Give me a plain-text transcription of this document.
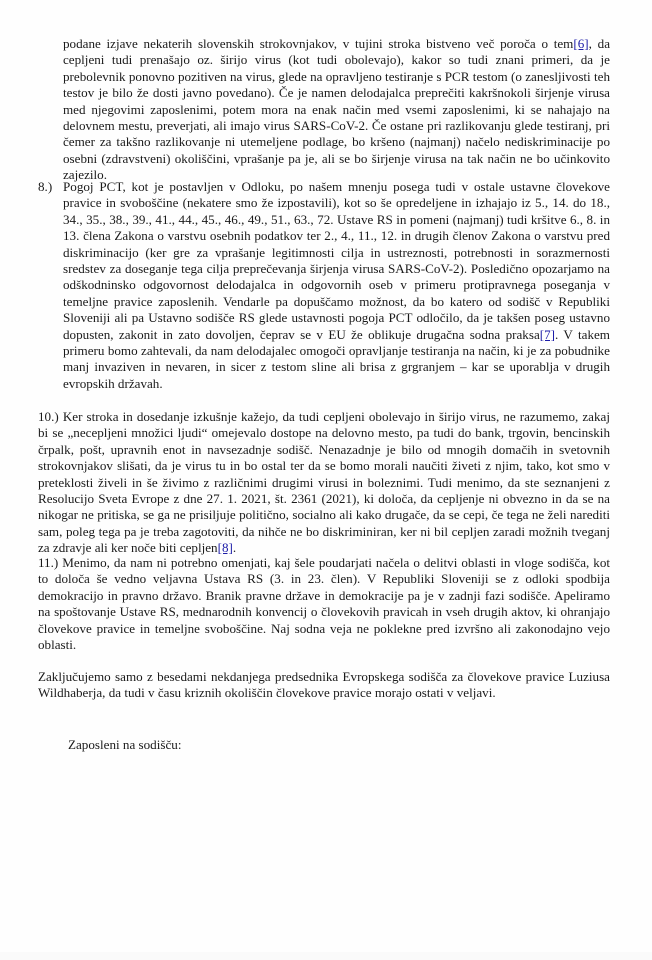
podane izjave nekaterih slovenskih strokovnjakov, v tujini stroka bistveno več poroča o tem[6], da cepljeni tudi prenašajo oz. širijo virus (kot tudi obolevajo), kakor so tudi znani primeri, da je prebolevnik ponovno pozitiven na virus, glede na opravljeno testiranje s PCR testom (o zanesljivosti teh testov je bilo že dosti javno povedano). Če je namen delodajalca preprečiti kakršnokoli širjenje virusa med njegovimi zaposlenimi, potem mora na enak način med vsemi zaposlenimi, ki se nahajajo na delovnem mestu, preverjati, ali imajo virus SARS-CoV-2. Če ostane pri razlikovanju glede testiranj, pri čemer za takšno razlikovanje ni utemeljene podlage, bo kršeno (najmanj) načelo nediskriminacije po osebni (zdravstveni) okoliščini, vprašanje pa je, ali se bo širjenje virusa na tak način ne bo učinkovito zajezilo.

8.) Pogoj PCT, kot je postavljen v Odloku, po našem mnenju posega tudi v ostale ustavne človekove pravice in svoboščine (nekatere smo že izpostavili), kot so še opredeljene in izhajajo iz 5., 14. do 18., 34., 35., 38., 39., 41., 44., 45., 46., 49., 51., 63., 72. Ustave RS in pomeni (najmanj) tudi kršitve 6., 8. in 13. člena Zakona o varstvu osebnih podatkov ter 2., 4., 11., 12. in drugih členov Zakona o varstvu pred diskriminacijo (ker gre za vprašanje legitimnosti cilja in ustreznosti, potrebnosti in sorazmernosti sredstev za doseganje tega cilja preprečevanja širjenja virusa SARS-CoV-2). Posledično opozarjamo na odškodninsko odgovornost delodajalca in odgovornih oseb v primeru protipravnega poseganja v temeljne pravice zaposlenih. Vendarle pa dopuščamo možnost, da bo katero od sodišč v Republiki Sloveniji ali pa Ustavno sodišče RS glede ustavnosti pogoja PCT odločilo, da je takšen poseg ustavno dopusten, zakonit in zato dovoljen, čeprav se v EU že oblikuje drugačna sodna praksa[7]. V takem primeru bomo zahtevali, da nam delodajalec omogoči opravljanje testiranja na način, ki je za pobudnike manj invaziven in nevaren, in sicer z testom sline ali brisa z grgranjem – kar se uporablja v drugih evropskih državah.
10.) Ker stroka in dosedanje izkušnje kažejo, da tudi cepljeni obolevajo in širijo virus, ne razumemo, zakaj bi se „necepljeni množici ljudi“ omejevalo dostope na delovno mesto, pa tudi do bank, trgovin, bencinskih črpalk, pošt, upravnih enot in navsezadnje sodišč. Nenazadnje je bilo od mnogih domačih in svetovnih strokovnjakov slišati, da je virus tu in bo ostal ter da se bomo morali naučiti živeti z njim, tako, kot smo v preteklosti živeli in še živimo z različnimi drugimi virusi in boleznimi. Tudi menimo, da ste seznanjeni z Resolucijo Sveta Evrope z dne 27. 1. 2021, št. 2361 (2021), ki določa, da cepljenje ni obvezno in da se na nikogar ne pritiska, se ga ne prisiljuje politično, socialno ali kako drugače, da se cepi, če tega ne želi narediti sam, poleg tega pa je treba zagotoviti, da nihče ne bo diskriminiran, ker ni bil cepljen zaradi možnih tveganj za zdravje ali ker noče biti cepljen[8].
11.) Menimo, da nam ni potrebno omenjati, kaj šele poudarjati načela o delitvi oblasti in vloge sodišča, kot to določa še vedno veljavna Ustava RS (3. in 23. člen). V Republiki Sloveniji se z odloki spodbija demokracijo in pravno državo. Branik pravne države in demokracije pa je v zadnji fazi sodišče. Apeliramo na spoštovanje Ustave RS, mednarodnih konvencij o človekovih pravicah in vseh drugih aktov, ki ohranjajo človekove pravice in temeljne svoboščine. Naj sodna veja ne poklekne pred izvršno ali zakonodajno vejo oblasti.

Zaključujemo samo z besedami nekdanjega predsednika Evropskega sodišča za človekove pravice Luziusa Wildhaberja, da tudi v času kriznih okoliščin človekove pravice morajo ostati v veljavi.

Zaposleni na sodišču:
